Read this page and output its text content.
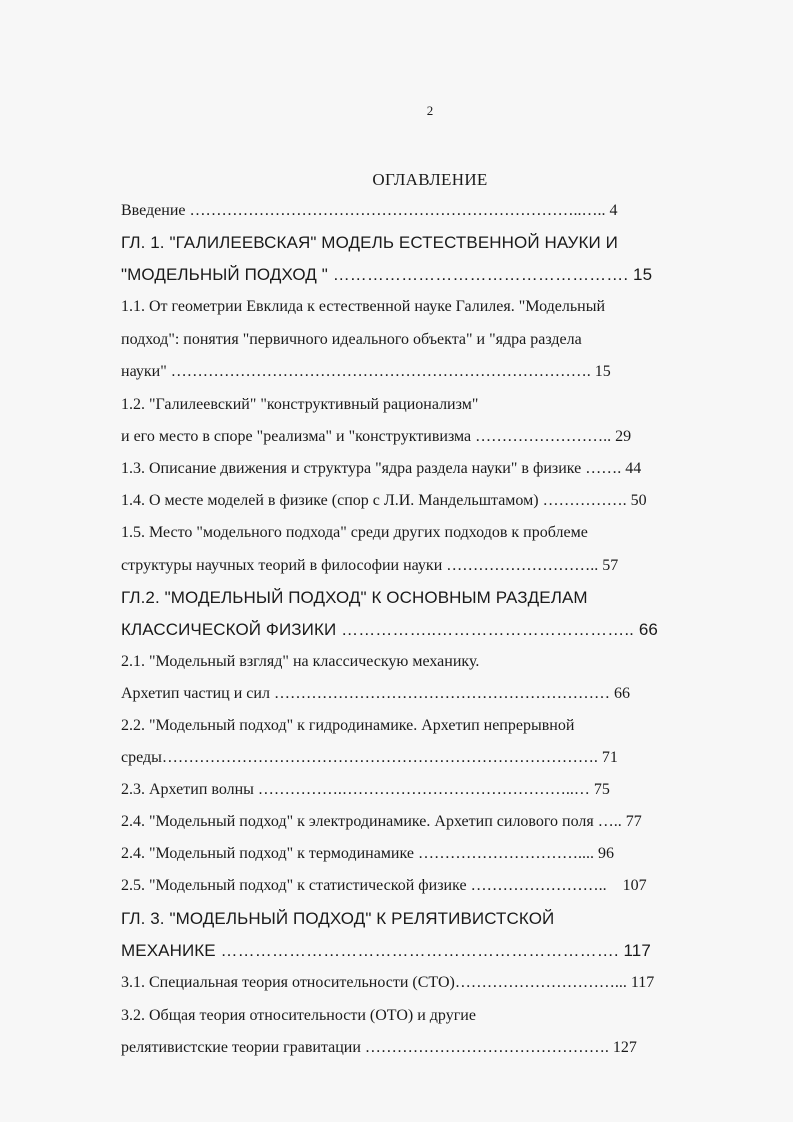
2
ОГЛАВЛЕНИЕ
Введение ………………………………………………………………..….. 4
ГЛ. 1. "ГАЛИЛЕЕВСКАЯ" МОДЕЛЬ ЕСТЕСТВЕННОЙ НАУКИ И
"МОДЕЛЬНЫЙ ПОДХОД " ……………………………………………. 15
1.1. От геометрии Евклида к естественной науке Галилея. "Модельный
подход": понятия "первичного идеального объекта" и "ядра раздела
науки" ……………………………………………………………………. 15
1.2. "Галилеевский" "конструктивный рационализм"
и его место в споре "реализма" и "конструктивизма …………………….. 29
1.3. Описание движения и структура "ядра раздела науки" в физике ……. 44
1.4. О месте моделей в физике (спор с Л.И. Мандельштамом) ……………. 50
1.5. Место "модельного подхода" среди других подходов к проблеме
структуры научных теорий в философии науки ……………………….. 57
ГЛ.2. "МОДЕЛЬНЫЙ ПОДХОД" К ОСНОВНЫМ РАЗДЕЛАМ
КЛАССИЧЕСКОЙ ФИЗИКИ ……………..…………………………….. 66
2.1. "Модельный взгляд" на классическую механику.
Архетип частиц и сил ……………………………………………………… 66
2.2. "Модельный подход" к гидродинамике. Архетип непрерывной
среды………………………………………………………………………. 71
2.3. Архетип волны …………….……………………………………..… 75
2.4. "Модельный подход" к электродинамике. Архетип силового поля ….. 77
2.4. "Модельный подход" к термодинамике ………………………….... 96
2.5. "Модельный подход" к статистической физике ……………………..    107
ГЛ. 3. "МОДЕЛЬНЫЙ ПОДХОД" К РЕЛЯТИВИСТСКОЙ
МЕХАНИКЕ ……………………………………………………………. 117
3.1. Специальная теория относительности (СТО)…………………………... 117
3.2. Общая теория относительности (ОТО) и другие
релятивистские теории гравитации ………………………………………. 127
